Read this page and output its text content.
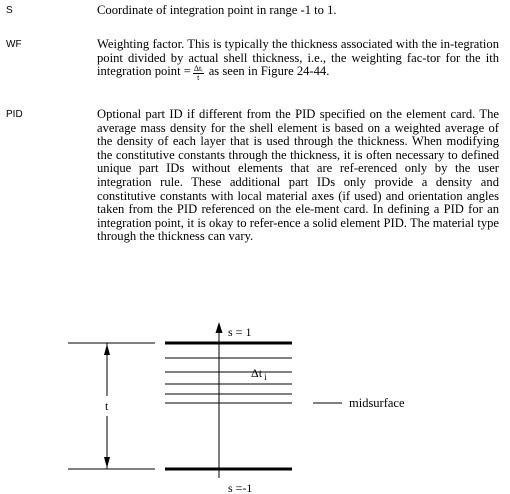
S	Coordinate of integration point in range -1 to 1.
WF	Weighting factor. This is typically the thickness associated with the in-tegration point divided by actual shell thickness, i.e., the weighting fac-tor for the ith integration point = $\frac{\text{Δtᵢ}}{t}$ as seen in Figure 24-44.
PID	Optional part ID if different from the PID specified on the element card. The average mass density for the shell element is based on a weighted average of the density of each layer that is used through the thickness. When modifying the constitutive constants through the thickness, it is often necessary to defined unique part IDs without elements that are ref-erenced only by the user integration rule. These additional part IDs only provide a density and constitutive constants with local material axes (if used) and orientation angles taken from the PID referenced on the ele-ment card. In defining a PID for an integration point, it is okay to refer-ence a solid element PID. The material type through the thickness can vary.
t	midsurface
s = 1
s =-1
Δt $_i$
